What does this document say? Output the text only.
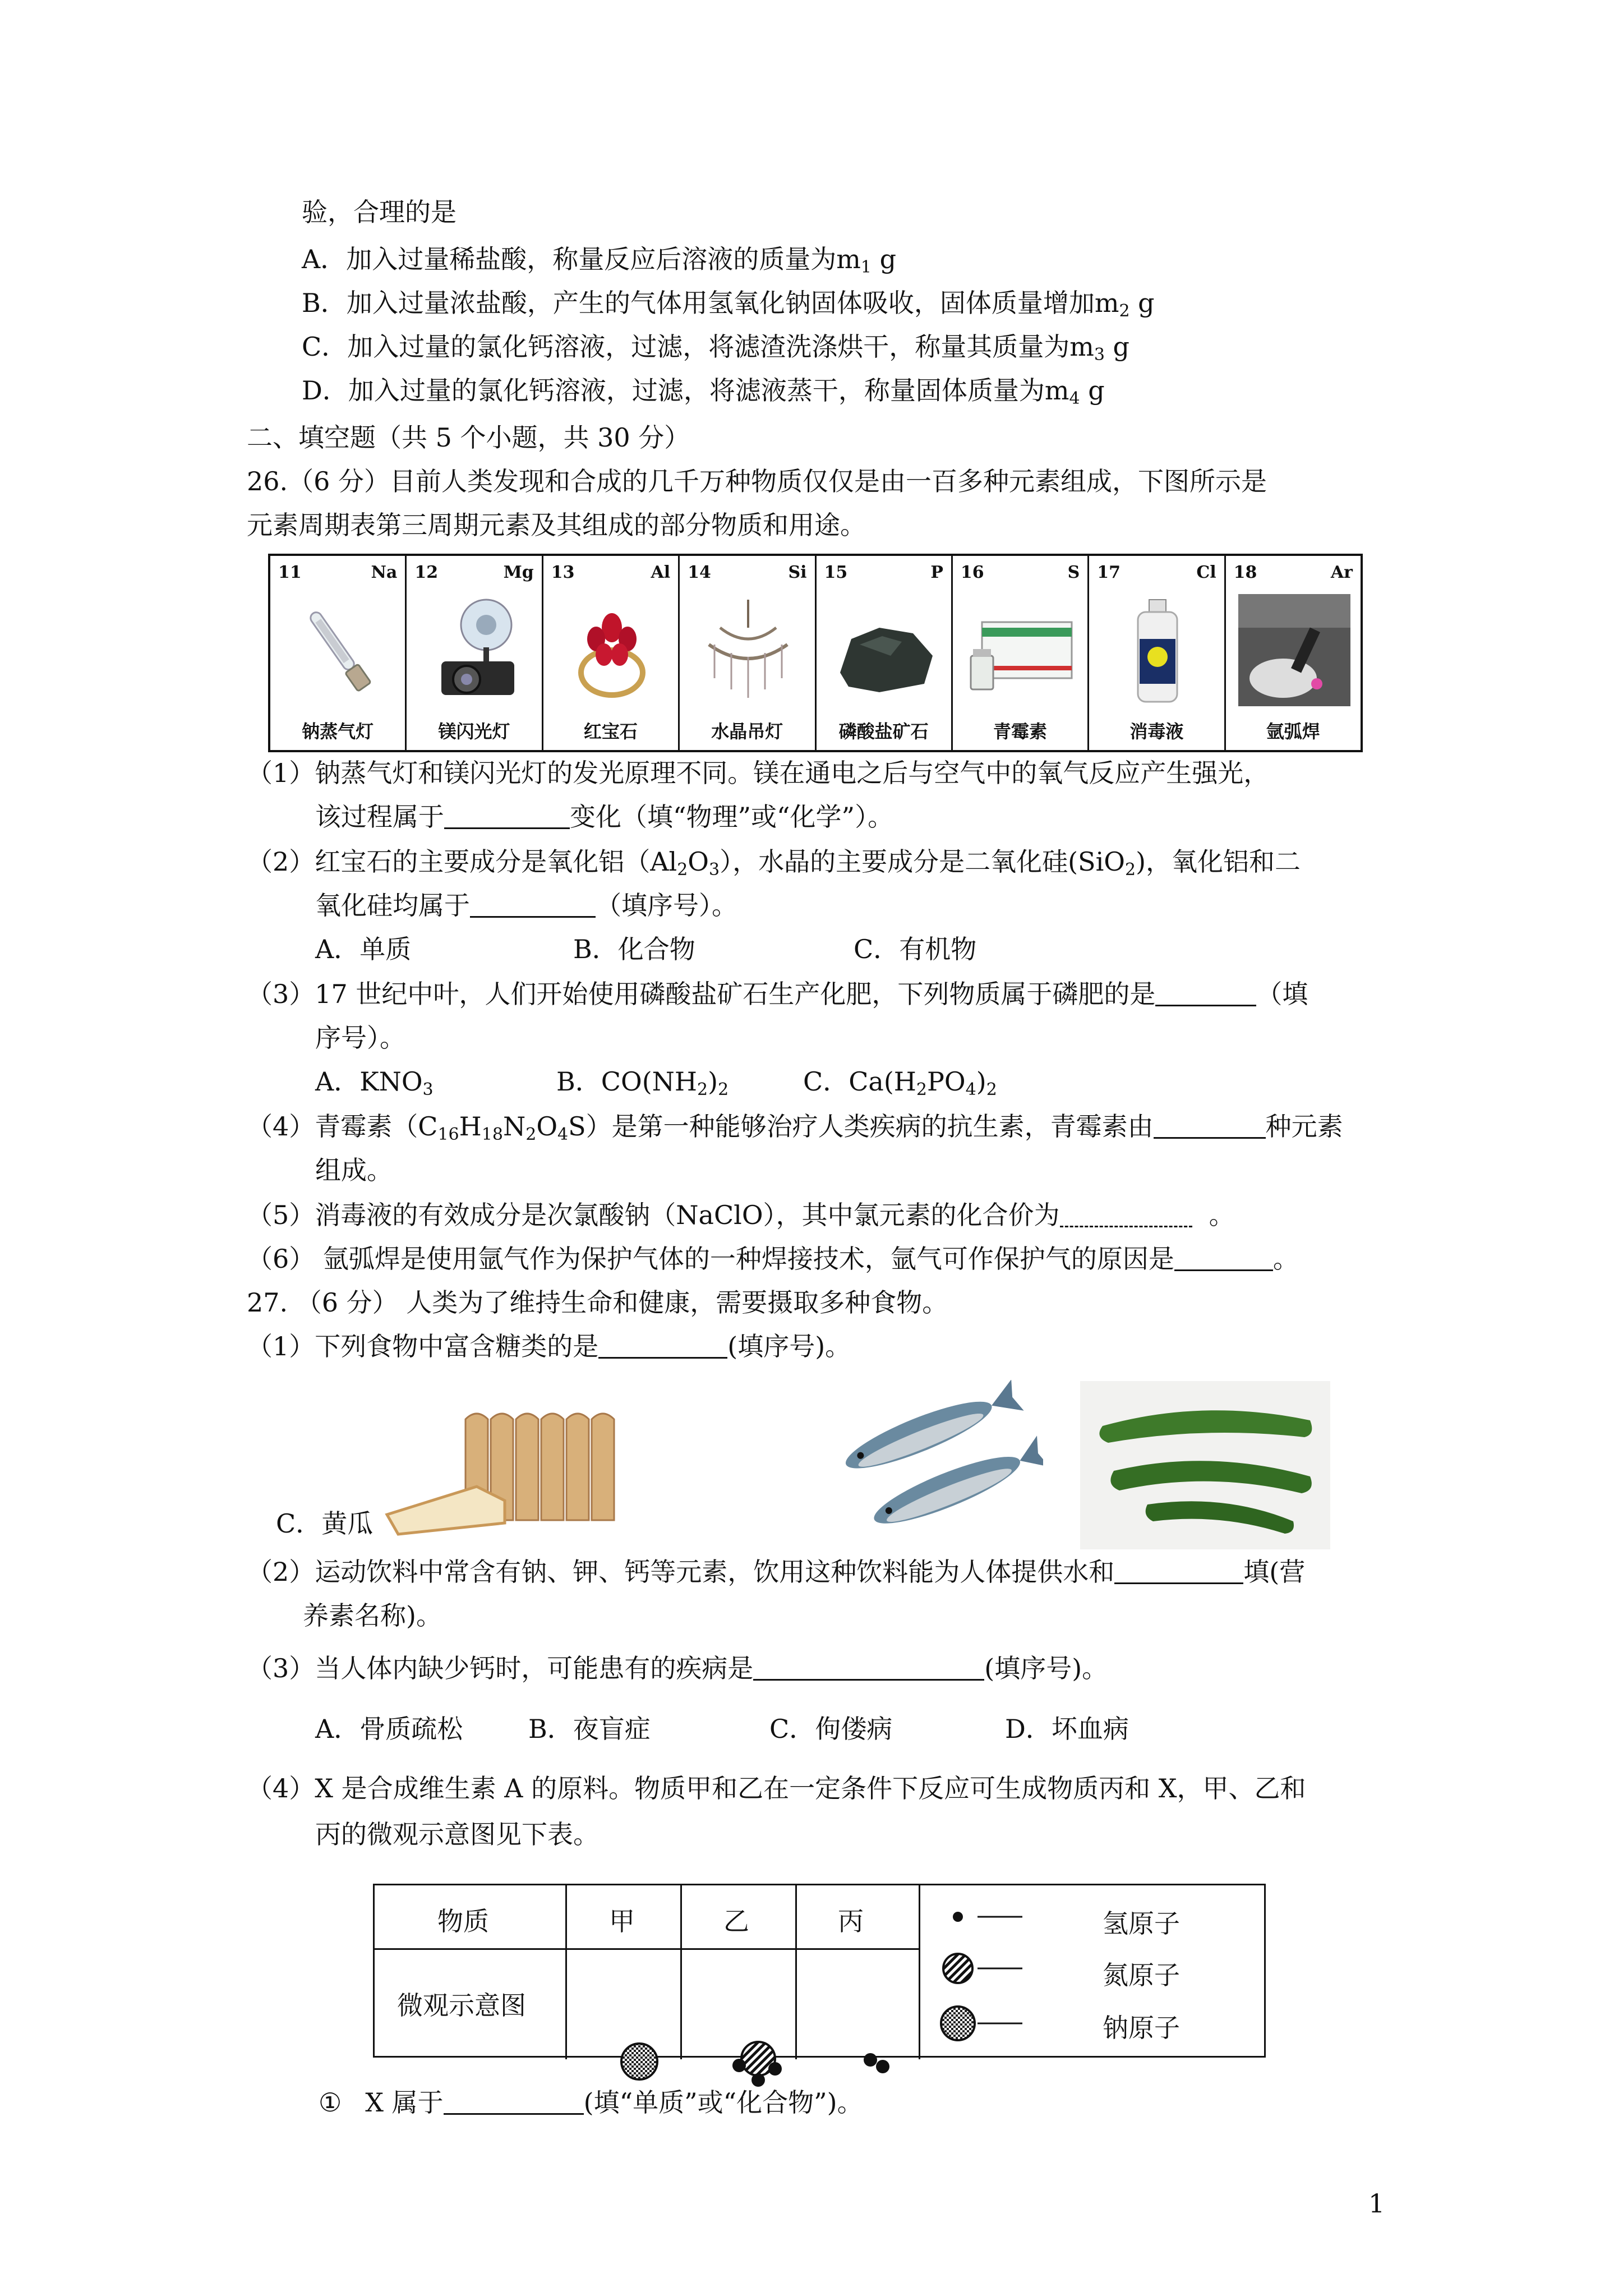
验，合理的是
A．加入过量稀盐酸，称量反应后溶液的质量为$m_1$ g
B．加入过量浓盐酸，产生的气体用氢氧化钠固体吸收，固体质量增加$m_2$ g
C．加入过量的氯化钙溶液，过滤，将滤渣洗涤烘干，称量其质量为$m_3$ g
D．加入过量的氯化钙溶液，过滤，将滤液蒸干，称量固体质量为$m_4$ g
二、填空题（共 5 个小题，共 30 分）
26.（6 分）目前人类发现和合成的几千万种物质仅仅是由一百多种元素组成，下图所示是
元素周期表第三周期元素及其组成的部分物质和用途。
11	Na
钠蒸气灯
12	Mg
镁闪光灯
13	Al
红宝石
14	Si
水晶吊灯
15	P
磷酸盐矿石
16	S
青霉素
17	Cl
消毒液
18	Ar
氩弧焊
（1）钠蒸气灯和镁闪光灯的发光原理不同。镁在通电之后与空气中的氧气反应产生强光，
该过程属于	变化（填“物理”或“化学”）。
（2）红宝石的主要成分是氧化铝$(Al_2O_3)$，水晶的主要成分是二氧化硅(SiO$_2$)，氧化铝和二
氧化硅均属于	（填序号）。
A．单质	B．化合物	C．有机物
（3）17 世纪中叶，人们开始使用磷酸盐矿石生产化肥，下列物质属于磷肥的是	（填
序号）。
A．$KNO_3$	B．$CO(NH_2)_2$	C．$Ca(H_2PO_4)_2$
（4）青霉素$(C_{16}H_{18}N_2O_4S)$是第一种能够治疗人类疾病的抗生素，青霉素由	种元素
组成。
（5）消毒液的有效成分是次氯酸钠（NaClO），其中氯元素的化合价为	。
（6） 氩弧焊是使用氩气作为保护气体的一种焊接技术，氩气可作保护气的原因是	。
27. （6 分） 人类为了维持生命和健康，需要摄取多种食物。
（1）下列食物中富含糖类的是	(填序号)。
C．黄瓜
（2）运动饮料中常含有钠、钾、钙等元素，饮用这种饮料能为人体提供水和	填(营
养素名称)。
（3）当人体内缺少钙时，可能患有的疾病是	(填序号)。
A．骨质疏松	B．夜盲症	C．佝偻病	D．坏血病
（4）X 是合成维生素 A 的原料。物质甲和乙在一定条件下反应可生成物质丙和 X，甲、乙和
丙的微观示意图见下表。
物质	甲	乙	丙
微观示意图
氢原子
氮原子
钠原子
① X 属于	(填“单质”或“化合物”)。
1
